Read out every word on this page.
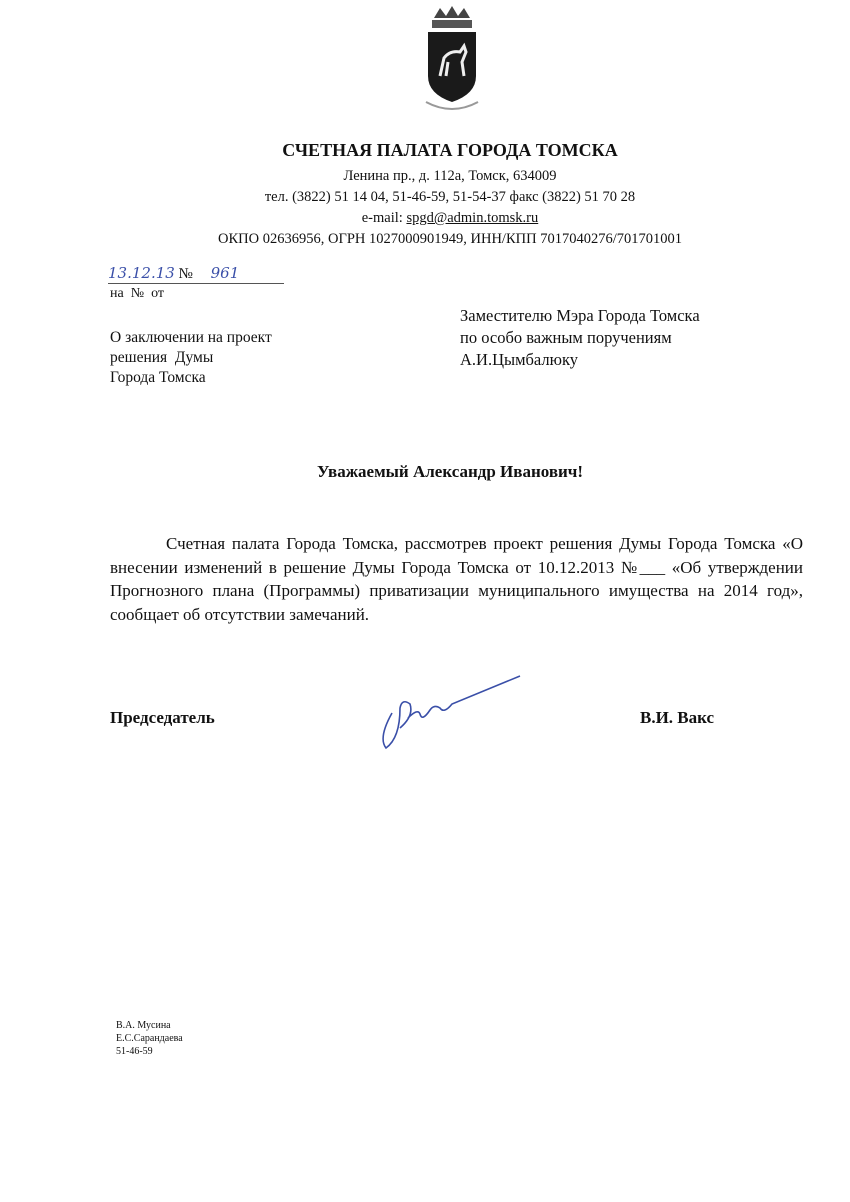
СЧЕТНАЯ ПАЛАТА ГОРОДА ТОМСКА
Ленина пр., д. 112а, Томск, 634009
тел. (3822) 51 14 04, 51-46-59, 51-54-37 факс (3822) 51 70 28
e-mail: spgd@admin.tomsk.ru
ОКПО 02636956, ОГРН 1027000901949, ИНН/КПП 7017040276/701701001
13.12.13 № 961
на  №  от
О заключении на проект
решения  Думы
Города Томска
Заместителю Мэра Города Томска
по особо важным поручениям
А.И.Цымбалюку
Уважаемый Александр Иванович!
Счетная палата Города Томска, рассмотрев проект решения Думы Города Томска «О внесении изменений в решение Думы Города Томска от 10.12.2013 №___ «Об утверждении Прогнозного плана (Программы) приватизации муниципального имущества на 2014 год», сообщает об отсутствии замечаний.
Председатель	В.И. Вакс
В.А. Мусина
Е.С.Сарандаева
51-46-59
